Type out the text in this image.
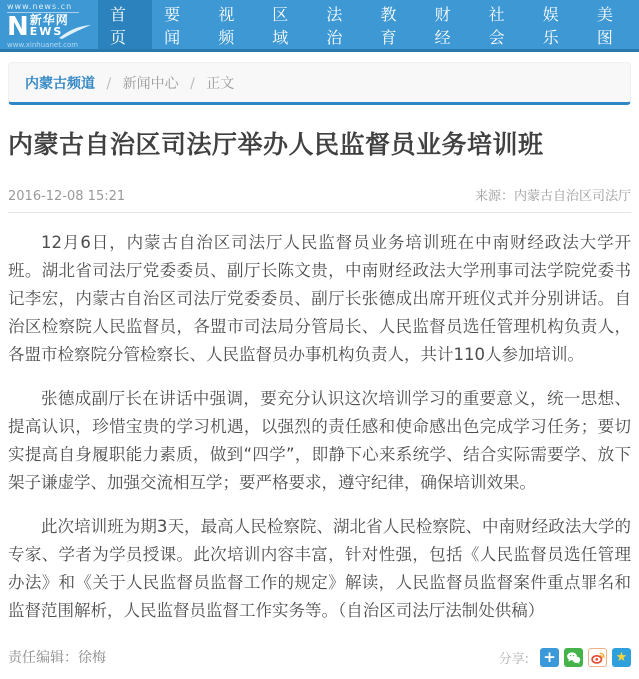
www.news.cn
N 新华网
EWS
www.xinhuanet.com
首页
要闻
视频
区域
法治
教育
财经
社会
娱乐
美图
内蒙古频道 / 新闻中心 / 正文
内蒙古自治区司法厅举办人民监督员业务培训班
2016-12-08 15:21	来源：内蒙古自治区司法厅

12月6日，内蒙古自治区司法厅人民监督员业务培训班在中南财经政法大学开班。湖北省司法厅党委委员、副厅长陈文贵，中南财经政法大学刑事司法学院党委书记李宏，内蒙古自治区司法厅党委委员、副厅长张德成出席开班仪式并分别讲话。自治区检察院人民监督员，各盟市司法局分管局长、人民监督员选任管理机构负责人，各盟市检察院分管检察长、人民监督员办事机构负责人，共计110人参加培训。

张德成副厅长在讲话中强调，要充分认识这次培训学习的重要意义，统一思想、提高认识，珍惜宝贵的学习机遇，以强烈的责任感和使命感出色完成学习任务；要切实提高自身履职能力素质，做到“四学”，即静下心来系统学、结合实际需要学、放下架子谦虚学、加强交流相互学；要严格要求，遵守纪律，确保培训效果。

此次培训班为期3天，最高人民检察院、湖北省人民检察院、中南财经政法大学的专家、学者为学员授课。此次培训内容丰富，针对性强，包括《人民监督员选任管理办法》和《关于人民监督员监督工作的规定》解读，人民监督员监督案件重点罪名和监督范围解析，人民监督员监督工作实务等。（自治区司法厅法制处供稿）

责任编辑：徐梅	分享: +	★
